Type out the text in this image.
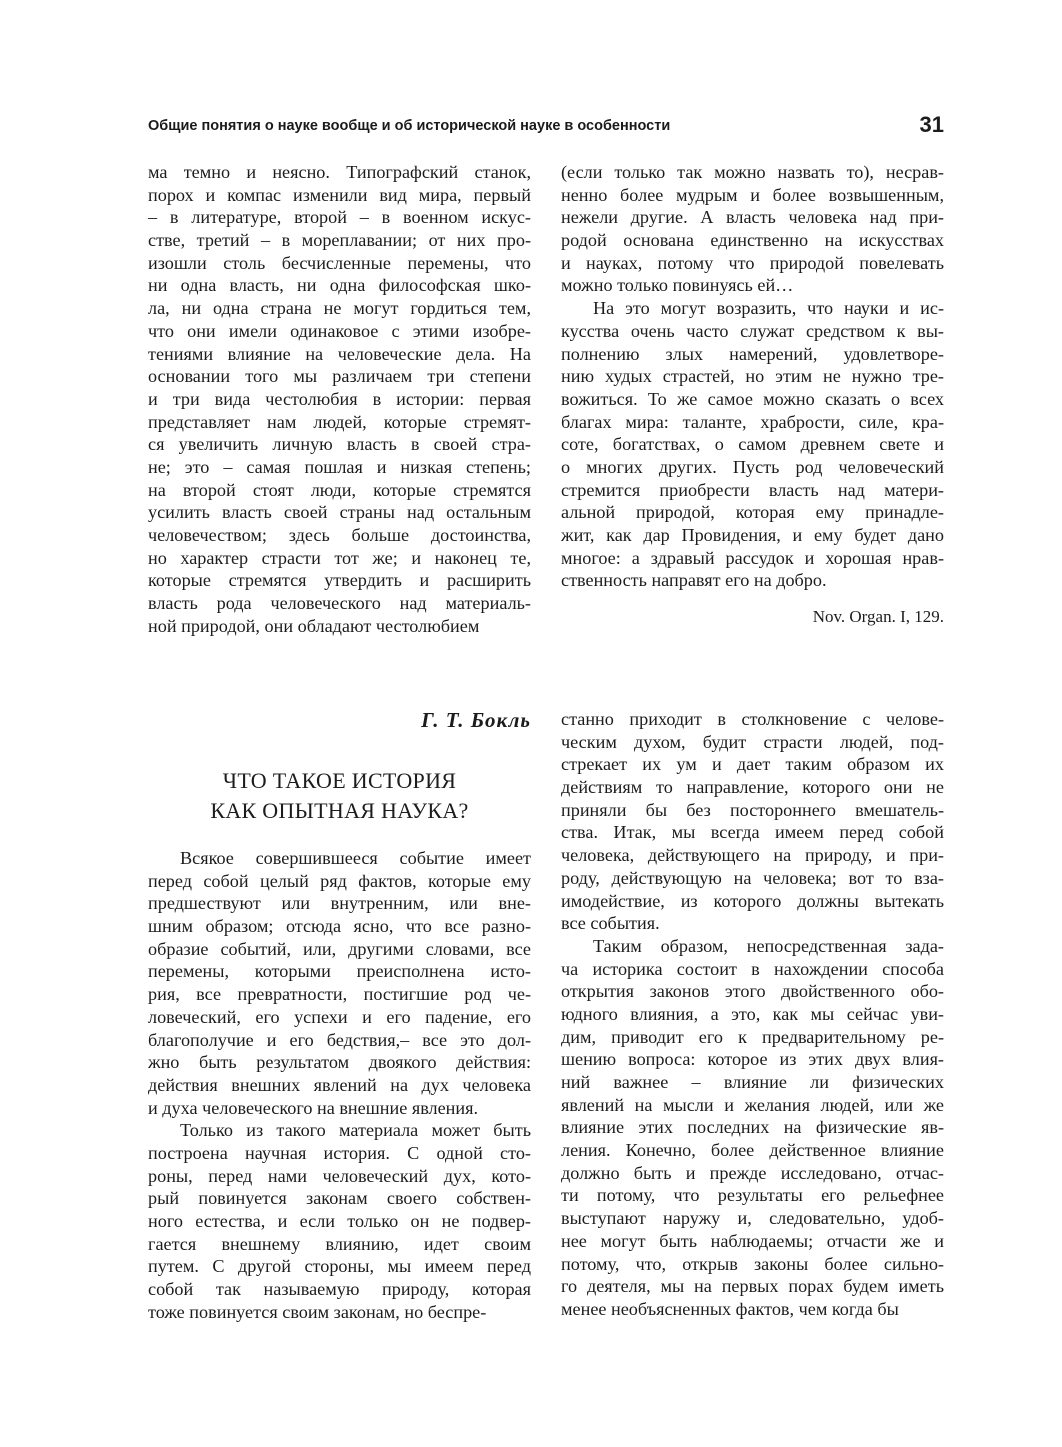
Общие понятия о науке вообще и об исторической науке в особенности	31
ма темно и неясно. Типографский станок,
порох и компас изменили вид мира, первый
– в литературе, второй – в военном искус-
стве, третий – в мореплавании; от них про-
изошли столь бесчисленные перемены, что
ни одна власть, ни одна философская шко-
ла, ни одна страна не могут гордиться тем,
что они имели одинаковое с этими изобре-
тениями влияние на человеческие дела. На
основании того мы различаем три степени
и три вида честолюбия в истории: первая
представляет нам людей, которые стремят-
ся увеличить личную власть в своей стра-
не; это – самая пошлая и низкая степень;
на второй стоят люди, которые стремятся
усилить власть своей страны над остальным
человечеством; здесь больше достоинства,
но характер страсти тот же; и наконец те,
которые стремятся утвердить и расширить
власть рода человеческого над материаль-
ной природой, они обладают честолюбием
(если только так можно назвать то), несрав-
ненно более мудрым и более возвышенным,
нежели другие. А власть человека над при-
родой основана единственно на искусствах
и науках, потому что природой повелевать
можно только повинуясь ей…
На это могут возразить, что науки и ис-
кусства очень часто служат средством к вы-
полнению злых намерений, удовлетворе-
нию худых страстей, но этим не нужно тре-
вожиться. То же самое можно сказать о всех
благах мира: таланте, храбрости, силе, кра-
соте, богатствах, о самом древнем свете и
о многих других. Пусть род человеческий
стремится приобрести власть над матери-
альной природой, которая ему принадле-
жит, как дар Провидения, и ему будет дано
многое: а здравый рассудок и хорошая нрав-
ственность направят его на добро.
Nov. Organ. I, 129.
Г. Т. Бокль
ЧТО ТАКОЕ ИСТОРИЯ
КАК ОПЫТНАЯ НАУКА?
Всякое совершившееся событие имеет
перед собой целый ряд фактов, которые ему
предшествуют или внутренним, или вне-
шним образом; отсюда ясно, что все разно-
образие событий, или, другими словами, все
перемены, которыми преисполнена исто-
рия, все превратности, постигшие род че-
ловеческий, его успехи и его падение, его
благополучие и его бедствия,– все это дол-
жно быть результатом двоякого действия:
действия внешних явлений на дух человека
и духа человеческого на внешние явления.
Только из такого материала может быть
построена научная история. С одной сто-
роны, перед нами человеческий дух, кото-
рый повинуется законам своего собствен-
ного естества, и если только он не подвер-
гается внешнему влиянию, идет своим
путем. С другой стороны, мы имеем перед
собой так называемую природу, которая
тоже повинуется своим законам, но беспре-
станно приходит в столкновение с челове-
ческим духом, будит страсти людей, под-
стрекает их ум и дает таким образом их
действиям то направление, которого они не
приняли бы без постороннего вмешатель-
ства. Итак, мы всегда имеем перед собой
человека, действующего на природу, и при-
роду, действующую на человека; вот то вза-
имодействие, из которого должны вытекать
все события.
Таким образом, непосредственная зада-
ча историка состоит в нахождении способа
открытия законов этого двойственного обо-
юдного влияния, а это, как мы сейчас уви-
дим, приводит его к предварительному ре-
шению вопроса: которое из этих двух влия-
ний важнее – влияние ли физических
явлений на мысли и желания людей, или же
влияние этих последних на физические яв-
ления. Конечно, более действенное влияние
должно быть и прежде исследовано, отчас-
ти потому, что результаты его рельефнее
выступают наружу и, следовательно, удоб-
нее могут быть наблюдаемы; отчасти же и
потому, что, открыв законы более сильно-
го деятеля, мы на первых порах будем иметь
менее необъясненных фактов, чем когда бы
